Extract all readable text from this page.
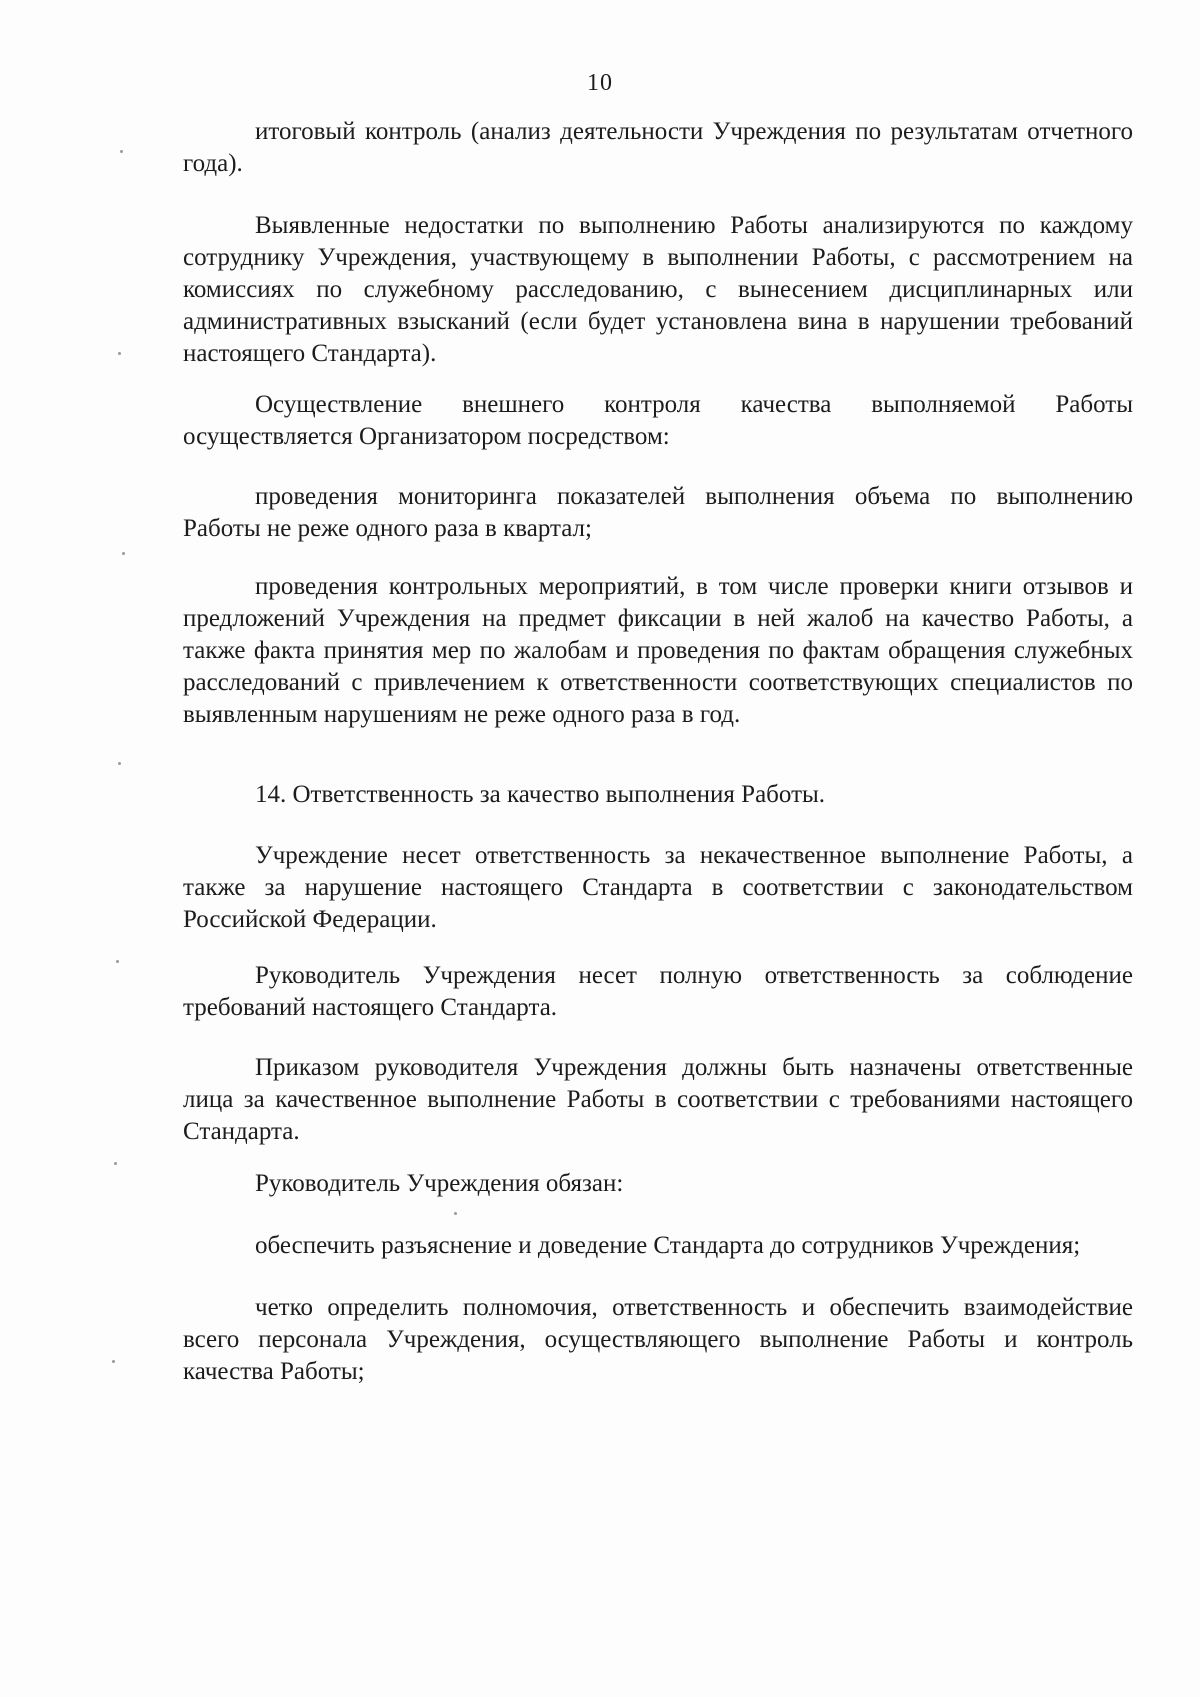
10
итоговый контроль (анализ деятельности Учреждения по результатам отчетного года).
Выявленные недостатки по выполнению Работы анализируются по каждому сотруднику Учреждения, участвующему в выполнении Работы, с рассмотрением на комиссиях по служебному расследованию, с вынесением дисциплинарных или административных взысканий (если будет установлена вина в нарушении требований настоящего Стандарта).
Осуществление внешнего контроля качества выполняемой Работы осуществляется Организатором посредством:
проведения мониторинга показателей выполнения объема по выполнению Работы не реже одного раза в квартал;
проведения контрольных мероприятий, в том числе проверки книги отзывов и предложений Учреждения на предмет фиксации в ней жалоб на качество Работы, а также факта принятия мер по жалобам и проведения по фактам обращения служебных расследований с привлечением к ответственности соответствующих специалистов по выявленным нарушениям не реже одного раза в год.
14. Ответственность за качество выполнения Работы.
Учреждение несет ответственность за некачественное выполнение Работы, а также за нарушение настоящего Стандарта в соответствии с законодательством Российской Федерации.
Руководитель Учреждения несет полную ответственность за соблюдение требований настоящего Стандарта.
Приказом руководителя Учреждения должны быть назначены ответственные лица за качественное выполнение Работы в соответствии с требованиями настоящего Стандарта.
Руководитель Учреждения обязан:
обеспечить разъяснение и доведение Стандарта до сотрудников Учреждения;
четко определить полномочия, ответственность и обеспечить взаимодействие всего персонала Учреждения, осуществляющего выполнение Работы и контроль качества Работы;
